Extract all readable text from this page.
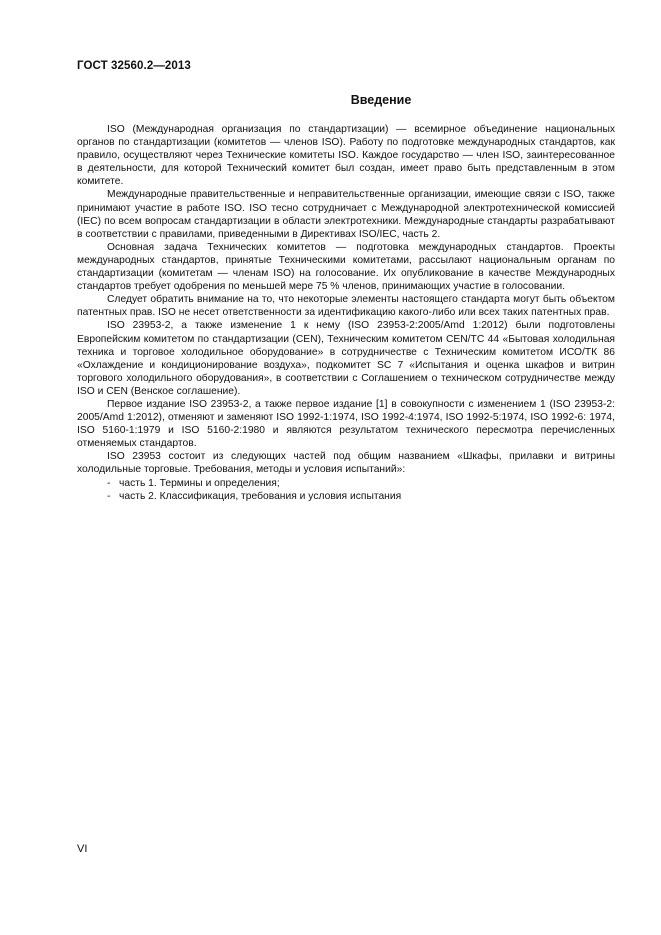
ГОСТ 32560.2—2013
Введение

ISO (Международная организация по стандартизации) — всемирное объединение национальных органов по стандартизации (комитетов — членов ISO). Работу по подготовке международных стандартов, как правило, осуществляют через Технические комитеты ISO. Каждое государство — член ISO, заинтересованное в деятельности, для которой Технический комитет был создан, имеет право быть представленным в этом комитете.

Международные правительственные и неправительственные организации, имеющие связи с ISO, также принимают участие в работе ISO. ISO тесно сотрудничает с Международной электротехнической комиссией (IEC) по всем вопросам стандартизации в области электротехники. Международные стандарты разрабатывают в соответствии с правилами, приведенными в Директивах ISO/IEC, часть 2.

Основная задача Технических комитетов — подготовка международных стандартов. Проекты международных стандартов, принятые Техническими комитетами, рассылают национальным органам по стандартизации (комитетам — членам ISO) на голосование. Их опубликование в качестве Международных стандартов требует одобрения по меньшей мере 75 % членов, принимающих участие в голосовании.

Следует обратить внимание на то, что некоторые элементы настоящего стандарта могут быть объектом патентных прав. ISO не несет ответственности за идентификацию какого-либо или всех таких патентных прав.

ISO 23953-2, а также изменение 1 к нему (ISO 23953-2:2005/Amd 1:2012) были подготовлены Европейским комитетом по стандартизации (CEN), Техническим комитетом CEN/TC 44 «Бытовая холодильная техника и торговое холодильное оборудование» в сотрудничестве с Техническим комитетом ИСО/ТК 86 «Охлаждение и кондиционирование воздуха», подкомитет SC 7 «Испытания и оценка шкафов и витрин торгового холодильного оборудования», в соответствии с Соглашением о техническом сотрудничестве между ISO и CEN (Венское соглашение).

Первое издание ISO 23953-2, а также первое издание [1] в совокупности с изменением 1 (ISO 23953-2: 2005/Amd 1:2012), отменяют и заменяют ISO 1992-1:1974, ISO 1992-4:1974, ISO 1992-5:1974, ISO 1992-6: 1974, ISO 5160-1:1979 и ISO 5160-2:1980 и являются результатом технического пересмотра перечисленных отменяемых стандартов.

ISO 23953 состоит из следующих частей под общим названием «Шкафы, прилавки и витрины холодильные торговые. Требования, методы и условия испытаний»:

- часть 1. Термины и определения;
- часть 2. Классификация, требования и условия испытания
VI
